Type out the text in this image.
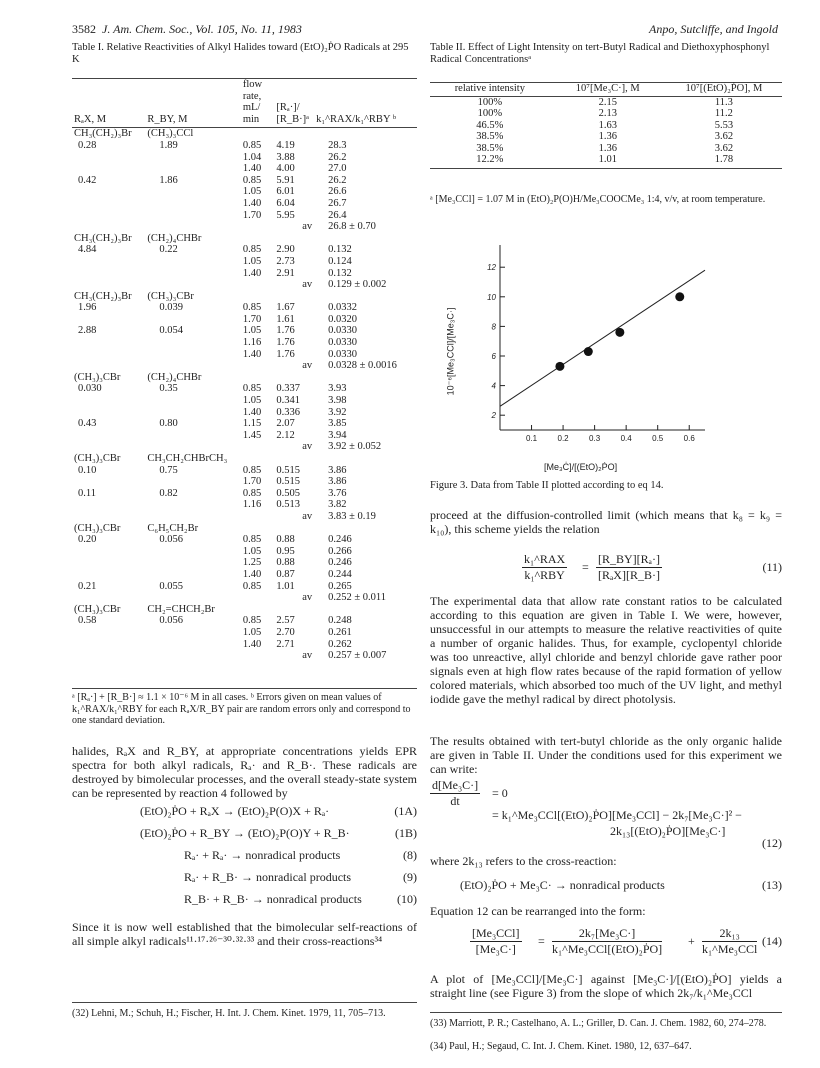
3582 J. Am. Chem. Soc., Vol. 105, No. 11, 1983	Anpo, Sutcliffe, and Ingold
Table I. Relative Reactivities of Alkyl Halides toward (EtO)₂ṖO Radicals at 295 K
RₐX, M	R_BY, M	flow rate, mL/ min	[Rₐ·]/ [R_B·]ᵃ	k₁^RAX/k₁^RBY ᵇ
CH₃(CH₂)₃Br	(CH₃)₃CCl			
0.28	1.89	0.85	4.19	28.3
		1.04	3.88	26.2
		1.40	4.00	27.0
0.42	1.86	0.85	5.91	26.2
		1.05	6.01	26.6
		1.40	6.04	26.7
		1.70	5.95	26.4
			av	26.8 ± 0.70
CH₃(CH₂)₃Br	(CH₂)₄CHBr			
4.84	0.22	0.85	2.90	0.132
		1.05	2.73	0.124
		1.40	2.91	0.132
			av	0.129 ± 0.002
CH₃(CH₂)₃Br	(CH₃)₃CBr			
1.96	0.039	0.85	1.67	0.0332
		1.70	1.61	0.0320
2.88	0.054	1.05	1.76	0.0330
		1.16	1.76	0.0330
		1.40	1.76	0.0330
			av	0.0328 ± 0.0016
(CH₃)₃CBr	(CH₂)₄CHBr			
0.030	0.35	0.85	0.337	3.93
		1.05	0.341	3.98
		1.40	0.336	3.92
0.43	0.80	1.15	2.07	3.85
		1.45	2.12	3.94
			av	3.92 ± 0.052
(CH₃)₃CBr	CH₃CH₂CHBrCH₃			
0.10	0.75	0.85	0.515	3.86
		1.70	0.515	3.86
0.11	0.82	0.85	0.505	3.76
		1.16	0.513	3.82
			av	3.83 ± 0.19
(CH₃)₃CBr	C₆H₅CH₂Br			
0.20	0.056	0.85	0.88	0.246
		1.05	0.95	0.266
		1.25	0.88	0.246
		1.40	0.87	0.244
0.21	0.055	0.85	1.01	0.265
			av	0.252 ± 0.011
(CH₃)₃CBr	CH₂=CHCH₂Br			
0.58	0.056	0.85	2.57	0.248
		1.05	2.70	0.261
		1.40	2.71	0.262
			av	0.257 ± 0.007
ᵃ [Rₐ·] + [R_B·] ≈ 1.1 × 10⁻⁶ M in all cases. ᵇ Errors given on mean values of k₁^RAX/k₁^RBY for each RₐX/R_BY pair are random errors only and correspond to one standard deviation.
Table II. Effect of Light Intensity on tert-Butyl Radical and Diethoxyphosphonyl Radical Concentrationsᵃ
relative intensity	10⁷[Me₃C·], M	10⁷[(EtO)₂ṖO], M
100%	2.15	11.3
100%	2.13	11.2
46.5%	1.63	5.53
38.5%	1.36	3.62
38.5%	1.36	3.62
12.2%	1.01	1.78
ᵃ [Me₃CCl] = 1.07 M in (EtO)₂P(O)H/Me₃COOCMe₃ 1:4, v/v, at room temperature.
0.1	0.2	0.3	0.4	0.5	0.6
2
4
6
8
10
12
[Me₃Ċ]/[(EtO)₂ṖO]
10⁻⁶[Me₃CCl]/[Me₃C·]
Figure 3. Data from Table II plotted according to eq 14.
halides, RₐX and R_BY, at appropriate concentrations yields EPR spectra for both alkyl radicals, Rₐ· and R_B·. These radicals are destroyed by bimolecular processes, and the overall steady-state system can be represented by reaction 4 followed by
(EtO)₂ṖO + RₐX → (EtO)₂P(O)X + Rₐ·	(1A)
(EtO)₂ṖO + R_BY → (EtO)₂P(O)Y + R_B·	(1B)
Rₐ· + Rₐ· → nonradical products	(8)
Rₐ· + R_B· → nonradical products	(9)
R_B· + R_B· → nonradical products	(10)
Since it is now well established that the bimolecular self-reactions of all simple alkyl radicals¹¹·¹⁷·²⁶⁻³⁰·³²·³³ and their cross-reactions³⁴
(32) Lehni, M.; Schuh, H.; Fischer, H. Int. J. Chem. Kinet. 1979, 11, 705–713.
proceed at the diffusion-controlled limit (which means that k₈ = k₉ = k₁₀), this scheme yields the relation
k₁^RAX
k₁^RBY
=
[R_BY][Rₐ·]
[RₐX][R_B·]
(11)
The experimental data that allow rate constant ratios to be calculated according to this equation are given in Table I. We were, however, unsuccessful in our attempts to measure the relative reactivities of quite a number of organic halides. Thus, for example, cyclopentyl chloride was too unreactive, allyl chloride and benzyl chloride gave rather poor signals even at high flow rates because of the rapid formation of yellow colored materials, which absorbed too much of the UV light, and methyl iodide gave the methyl radical by direct photolysis.
The results obtained with tert-butyl chloride as the only organic halide are given in Table II. Under the conditions used for this experiment we can write:
$\frac{\text{d[Me₃C·]}}{dt} = 0$
= k₁^Me₃CCl[(EtO)₂ṖO][Me₃CCl] − 2k₇[Me₃C·]² −
2k₁₃[(EtO)₂ṖO][Me₃C·]
(12)
where 2k₁₃ refers to the cross-reaction:
(EtO)₂ṖO + Me₃C· → nonradical products	(13)
Equation 12 can be rearranged into the form:
[Me₃CCl]
[Me₃C·]
=
2k₇[Me₃C·]
k₁^Me₃CCl[(EtO)₂ṖO]
+
2k₁₃
k₁^Me₃CCl
(14)
A plot of [Me₃CCl]/[Me₃C·] against [Me₃C·]/[(EtO)₂ṖO] yields a straight line (see Figure 3) from the slope of which 2k₇/k₁^Me₃CCl
(33) Marriott, P. R.; Castelhano, A. L.; Griller, D. Can. J. Chem. 1982, 60, 274–278.
(34) Paul, H.; Segaud, C. Int. J. Chem. Kinet. 1980, 12, 637–647.
